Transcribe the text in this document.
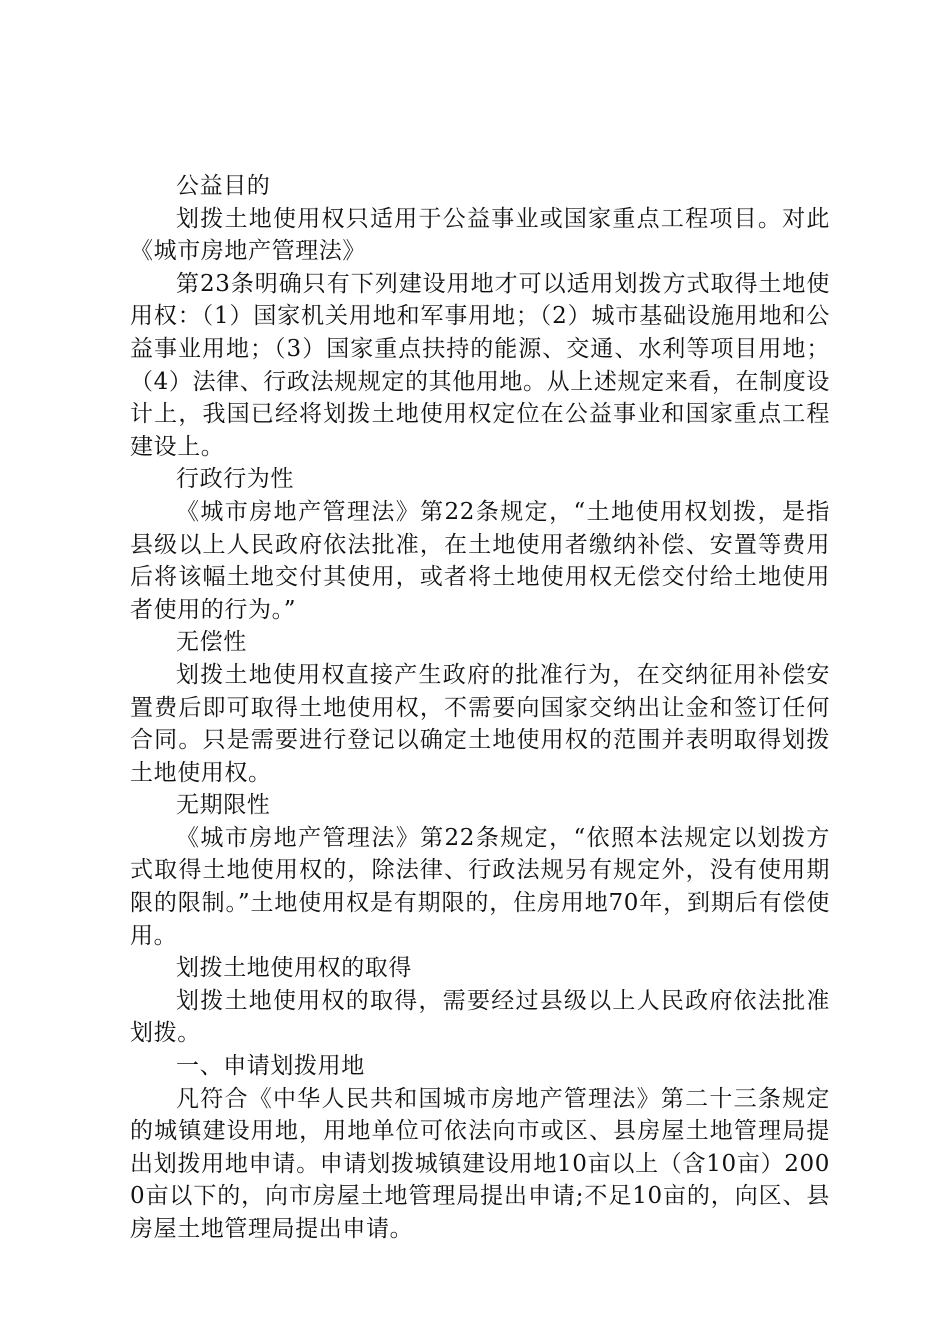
公益目的

划拨土地使用权只适用于公益事业或国家重点工程项目。对此《城市房地产管理法》

第23条明确只有下列建设用地才可以适用划拨方式取得土地使用权：（1）国家机关用地和军事用地；（2）城市基础设施用地和公益事业用地；（3）国家重点扶持的能源、交通、水利等项目用地；（4）法律、行政法规规定的其他用地。从上述规定来看，在制度设计上，我国已经将划拨土地使用权定位在公益事业和国家重点工程建设上。

行政行为性

《城市房地产管理法》第22条规定，“土地使用权划拨，是指县级以上人民政府依法批准，在土地使用者缴纳补偿、安置等费用后将该幅土地交付其使用，或者将土地使用权无偿交付给土地使用者使用的行为。”

无偿性

划拨土地使用权直接产生政府的批准行为，在交纳征用补偿安置费后即可取得土地使用权，不需要向国家交纳出让金和签订任何合同。只是需要进行登记以确定土地使用权的范围并表明取得划拨土地使用权。

无期限性

《城市房地产管理法》第22条规定，“依照本法规定以划拨方式取得土地使用权的，除法律、行政法规另有规定外，没有使用期限的限制。”土地使用权是有期限的，住房用地70年，到期后有偿使用。

划拨土地使用权的取得

划拨土地使用权的取得，需要经过县级以上人民政府依法批准划拨。

一、申请划拨用地

凡符合《中华人民共和国城市房地产管理法》第二十三条规定的城镇建设用地，用地单位可依法向市或区、县房屋土地管理局提出划拨用地申请。申请划拨城镇建设用地10亩以上（含10亩）2000亩以下的，向市房屋土地管理局提出申请;不足10亩的，向区、县房屋土地管理局提出申请。
